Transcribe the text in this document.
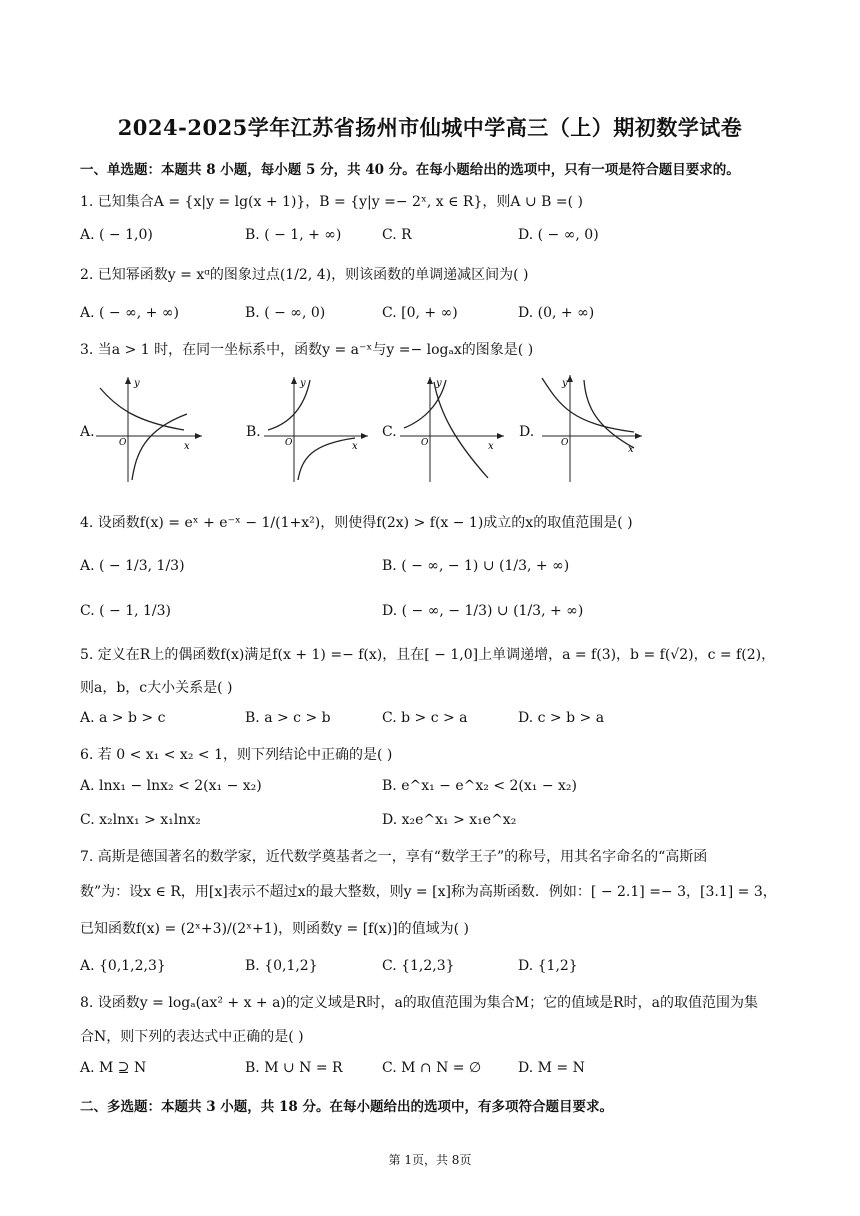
2024-2025学年江苏省扬州市仙城中学高三（上）期初数学试卷
一、单选题：本题共 8 小题，每小题 5 分，共 40 分。在每小题给出的选项中，只有一项是符合题目要求的。
1. 已知集合A = {x|y = lg(x + 1)}，B = {y|y =− 2ˣ, x ∈ R}，则A ∪ B =( )
A. ( − 1,0)	B. ( − 1, + ∞)	C. R	D. ( − ∞, 0)
2. 已知幂函数y = xᵅ的图象过点(1/2, 4)，则该函数的单调递减区间为( )
A. ( − ∞, + ∞)	B. ( − ∞, 0)	C. [0, + ∞)	D. (0, + ∞)
3. 当a > 1 时，在同一坐标系中，函数y = a⁻ˣ与y =− logₐx的图象是( )
A.
y
x
O
B.
y
x
O
C.
y
x
O
D.
y
x
O
4. 设函数f(x) = eˣ + e⁻ˣ − 1/(1+x²)，则使得f(2x) > f(x − 1)成立的x的取值范围是( )
A. ( − 1/3, 1/3)	B. ( − ∞, − 1) ∪ (1/3, + ∞)
C. ( − 1, 1/3)	D. ( − ∞, − 1/3) ∪ (1/3, + ∞)
5. 定义在R上的偶函数f(x)满足f(x + 1) =− f(x)，且在[ − 1,0]上单调递增，a = f(3)，b = f(√2)，c = f(2)，
则a，b，c大小关系是( )
A. a > b > c	B. a > c > b	C. b > c > a	D. c > b > a
6. 若 0 < x₁ < x₂ < 1，则下列结论中正确的是( )
A. lnx₁ − lnx₂ < 2(x₁ − x₂)	B. e^x₁ − e^x₂ < 2(x₁ − x₂)
C. x₂lnx₁ > x₁lnx₂	D. x₂e^x₁ > x₁e^x₂
7. 高斯是德国著名的数学家，近代数学奠基者之一，享有“数学王子”的称号，用其名字命名的“高斯函
数”为：设x ∈ R，用[x]表示不超过x的最大整数，则y = [x]称为高斯函数．例如：[ − 2.1] =− 3，[3.1] = 3，
已知函数f(x) = (2ˣ+3)/(2ˣ+1)，则函数y = [f(x)]的值域为( )
A. {0,1,2,3}	B. {0,1,2}	C. {1,2,3}	D. {1,2}
8. 设函数y = logₐ(ax² + x + a)的定义域是R时，a的取值范围为集合M；它的值域是R时，a的取值范围为集
合N，则下列的表达式中正确的是( )
A. M ⊇ N	B. M ∪ N = R	C. M ∩ N = ∅	D. M = N
二、多选题：本题共 3 小题，共 18 分。在每小题给出的选项中，有多项符合题目要求。
第 1页，共 8页
